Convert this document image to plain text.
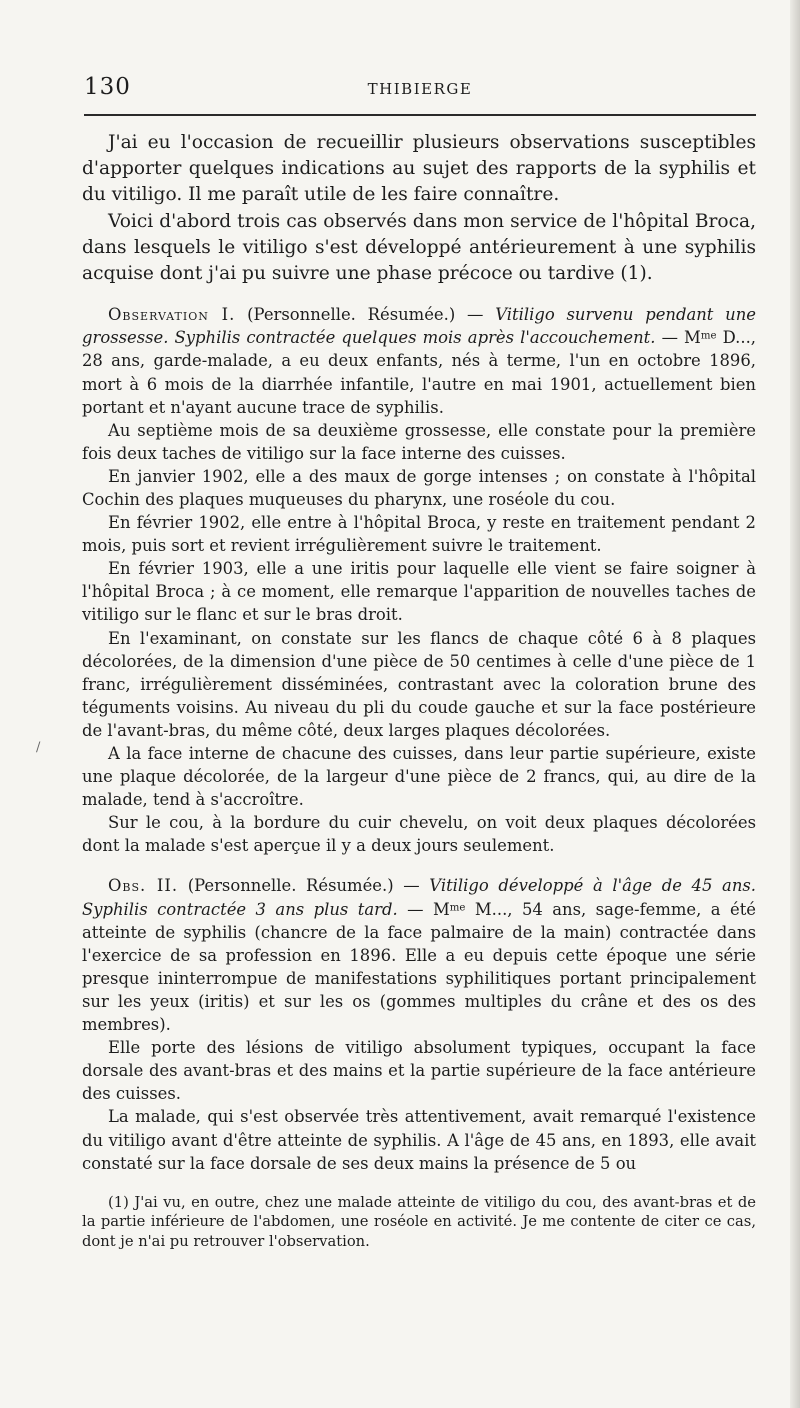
130	THIBIERGE
/

J'ai eu l'occasion de recueillir plusieurs observations susceptibles d'apporter quelques indications au sujet des rapports de la syphilis et du vitiligo. Il me paraît utile de les faire connaître.

Voici d'abord trois cas observés dans mon service de l'hôpital Broca, dans lesquels le vitiligo s'est développé antérieurement à une syphilis acquise dont j'ai pu suivre une phase précoce ou tardive (1).

Observation I. (Personnelle. Résumée.) — Vitiligo survenu pendant une grossesse. Syphilis contractée quelques mois après l'accouchement. — $M^{me}$ D..., 28 ans, garde-malade, a eu deux enfants, nés à terme, l'un en octobre 1896, mort à 6 mois de la diarrhée infantile, l'autre en mai 1901, actuellement bien portant et n'ayant aucune trace de syphilis.

Au septième mois de sa deuxième grossesse, elle constate pour la première fois deux taches de vitiligo sur la face interne des cuisses.

En janvier 1902, elle a des maux de gorge intenses ; on constate à l'hôpital Cochin des plaques muqueuses du pharynx, une roséole du cou.

En février 1902, elle entre à l'hôpital Broca, y reste en traitement pendant 2 mois, puis sort et revient irrégulièrement suivre le traitement.

En février 1903, elle a une iritis pour laquelle elle vient se faire soigner à l'hôpital Broca ; à ce moment, elle remarque l'apparition de nouvelles taches de vitiligo sur le flanc et sur le bras droit.

En l'examinant, on constate sur les flancs de chaque côté 6 à 8 plaques décolorées, de la dimension d'une pièce de 50 centimes à celle d'une pièce de 1 franc, irrégulièrement disséminées, contrastant avec la coloration brune des téguments voisins. Au niveau du pli du coude gauche et sur la face postérieure de l'avant-bras, du même côté, deux larges plaques décolorées.

A la face interne de chacune des cuisses, dans leur partie supérieure, existe une plaque décolorée, de la largeur d'une pièce de 2 francs, qui, au dire de la malade, tend à s'accroître.

Sur le cou, à la bordure du cuir chevelu, on voit deux plaques décolorées dont la malade s'est aperçue il y a deux jours seulement.

Obs. II. (Personnelle. Résumée.) — Vitiligo développé à l'âge de 45 ans. Syphilis contractée 3 ans plus tard. — $M^{me}$ M..., 54 ans, sage-femme, a été atteinte de syphilis (chancre de la face palmaire de la main) contractée dans l'exercice de sa profession en 1896. Elle a eu depuis cette époque une série presque ininterrompue de manifestations syphilitiques portant principalement sur les yeux (iritis) et sur les os (gommes multiples du crâne et des os des membres).

Elle porte des lésions de vitiligo absolument typiques, occupant la face dorsale des avant-bras et des mains et la partie supérieure de la face antérieure des cuisses.

La malade, qui s'est observée très attentivement, avait remarqué l'existence du vitiligo avant d'être atteinte de syphilis. A l'âge de 45 ans, en 1893, elle avait constaté sur la face dorsale de ses deux mains la présence de 5 ou

(1) J'ai vu, en outre, chez une malade atteinte de vitiligo du cou, des avant-bras et de la partie inférieure de l'abdomen, une roséole en activité. Je me contente de citer ce cas, dont je n'ai pu retrouver l'observation.
